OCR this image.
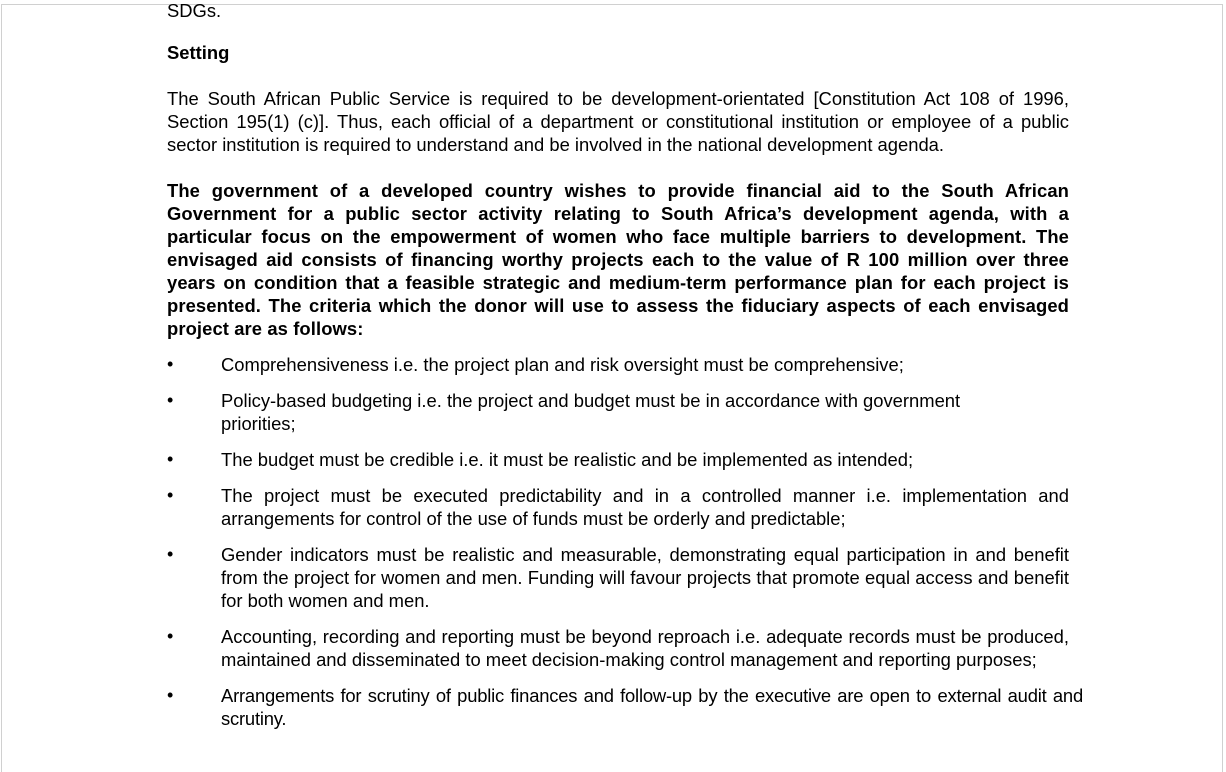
SDGs.

Setting

The South African Public Service is required to be development-orientated [Constitution Act 108 of 1996, Section 195(1) (c)]. Thus, each official of a department or constitutional institution or employee of a public sector institution is required to understand and be involved in the national development agenda.

The government of a developed country wishes to provide financial aid to the South African Government for a public sector activity relating to South Africa’s development agenda, with a particular focus on the empowerment of women who face multiple barriers to development. The envisaged aid consists of financing worthy projects each to the value of R 100 million over three years on condition that a feasible strategic and medium-term performance plan for each project is presented. The criteria which the donor will use to assess the fiduciary aspects of each envisaged project are as follows:

•	Comprehensiveness i.e. the project plan and risk oversight must be comprehensive;
•	Policy-based budgeting i.e. the project and budget must be in accordance with government priorities;
•	The budget must be credible i.e. it must be realistic and be implemented as intended;
•	The project must be executed predictability and in a controlled manner i.e. implementation and arrangements for control of the use of funds must be orderly and predictable;
•	Gender indicators must be realistic and measurable, demonstrating equal participation in and benefit from the project for women and men. Funding will favour projects that promote equal access and benefit for both women and men.
•	Accounting, recording and reporting must be beyond reproach i.e. adequate records must be produced, maintained and disseminated to meet decision-making control management and reporting purposes;
•	Arrangements for scrutiny of public finances and follow-up by the executive are open to external audit and scrutiny.
